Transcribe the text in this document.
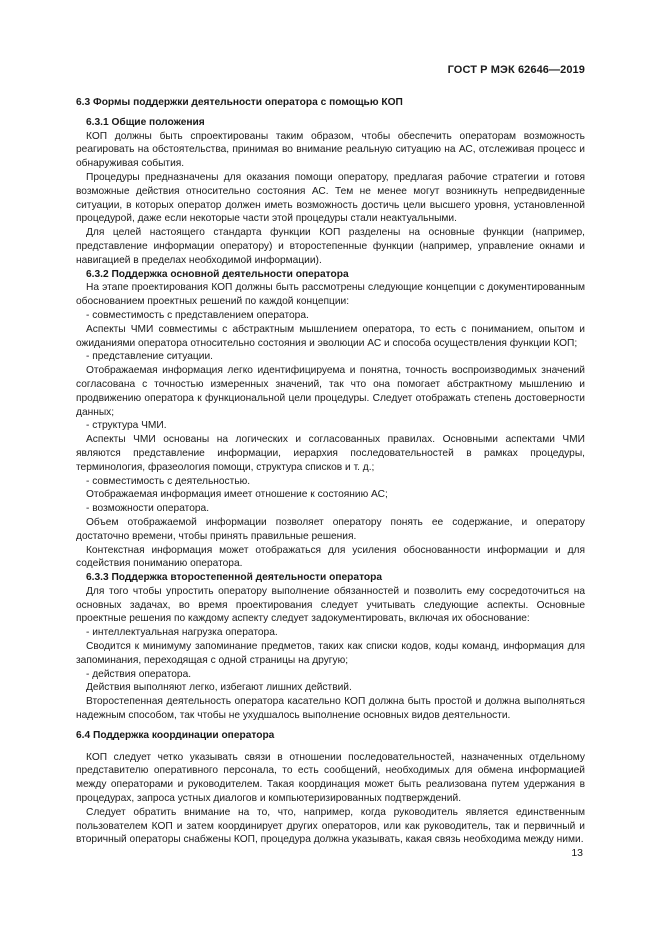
ГОСТ Р МЭК 62646—2019
6.3 Формы поддержки деятельности оператора с помощью КОП
6.3.1 Общие положения
КОП должны быть спроектированы таким образом, чтобы обеспечить операторам возможность реагировать на обстоятельства, принимая во внимание реальную ситуацию на АС, отслеживая процесс и обнаруживая события.
Процедуры предназначены для оказания помощи оператору, предлагая рабочие стратегии и готовя возможные действия относительно состояния АС. Тем не менее могут возникнуть непредвиденные ситуации, в которых оператор должен иметь возможность достичь цели высшего уровня, установленной процедурой, даже если некоторые части этой процедуры стали неактуальными.
Для целей настоящего стандарта функции КОП разделены на основные функции (например, представление информации оператору) и второстепенные функции (например, управление окнами и навигацией в пределах необходимой информации).
6.3.2 Поддержка основной деятельности оператора
На этапе проектирования КОП должны быть рассмотрены следующие концепции с документированным обоснованием проектных решений по каждой концепции:
- совместимость с представлением оператора.
Аспекты ЧМИ совместимы с абстрактным мышлением оператора, то есть с пониманием, опытом и ожиданиями оператора относительно состояния и эволюции АС и способа осуществления функции КОП;
- представление ситуации.
Отображаемая информация легко идентифицируема и понятна, точность воспроизводимых значений согласована с точностью измеренных значений, так что она помогает абстрактному мышлению и продвижению оператора к функциональной цели процедуры. Следует отображать степень достоверности данных;
- структура ЧМИ.
Аспекты ЧМИ основаны на логических и согласованных правилах. Основными аспектами ЧМИ являются представление информации, иерархия последовательностей в рамках процедуры, терминология, фразеология помощи, структура списков и т. д.;
- совместимость с деятельностью.
Отображаемая информация имеет отношение к состоянию АС;
- возможности оператора.
Объем отображаемой информации позволяет оператору понять ее содержание, и оператору достаточно времени, чтобы принять правильные решения.
Контекстная информация может отображаться для усиления обоснованности информации и для содействия пониманию оператора.
6.3.3 Поддержка второстепенной деятельности оператора
Для того чтобы упростить оператору выполнение обязанностей и позволить ему сосредоточиться на основных задачах, во время проектирования следует учитывать следующие аспекты. Основные проектные решения по каждому аспекту следует задокументировать, включая их обоснование:
- интеллектуальная нагрузка оператора.
Сводится к минимуму запоминание предметов, таких как списки кодов, коды команд, информация для запоминания, переходящая с одной страницы на другую;
- действия оператора.
Действия выполняют легко, избегают лишних действий.
Второстепенная деятельность оператора касательно КОП должна быть простой и должна выполняться надежным способом, так чтобы не ухудшалось выполнение основных видов деятельности.
6.4 Поддержка координации оператора
КОП следует четко указывать связи в отношении последовательностей, назначенных отдельному представителю оперативного персонала, то есть сообщений, необходимых для обмена информацией между операторами и руководителем. Такая координация может быть реализована путем удержания в процедурах, запроса устных диалогов и компьютеризированных подтверждений.
Следует обратить внимание на то, что, например, когда руководитель является единственным пользователем КОП и затем координирует других операторов, или как руководитель, так и первичный и вторичный операторы снабжены КОП, процедура должна указывать, какая связь необходима между ними.
13
